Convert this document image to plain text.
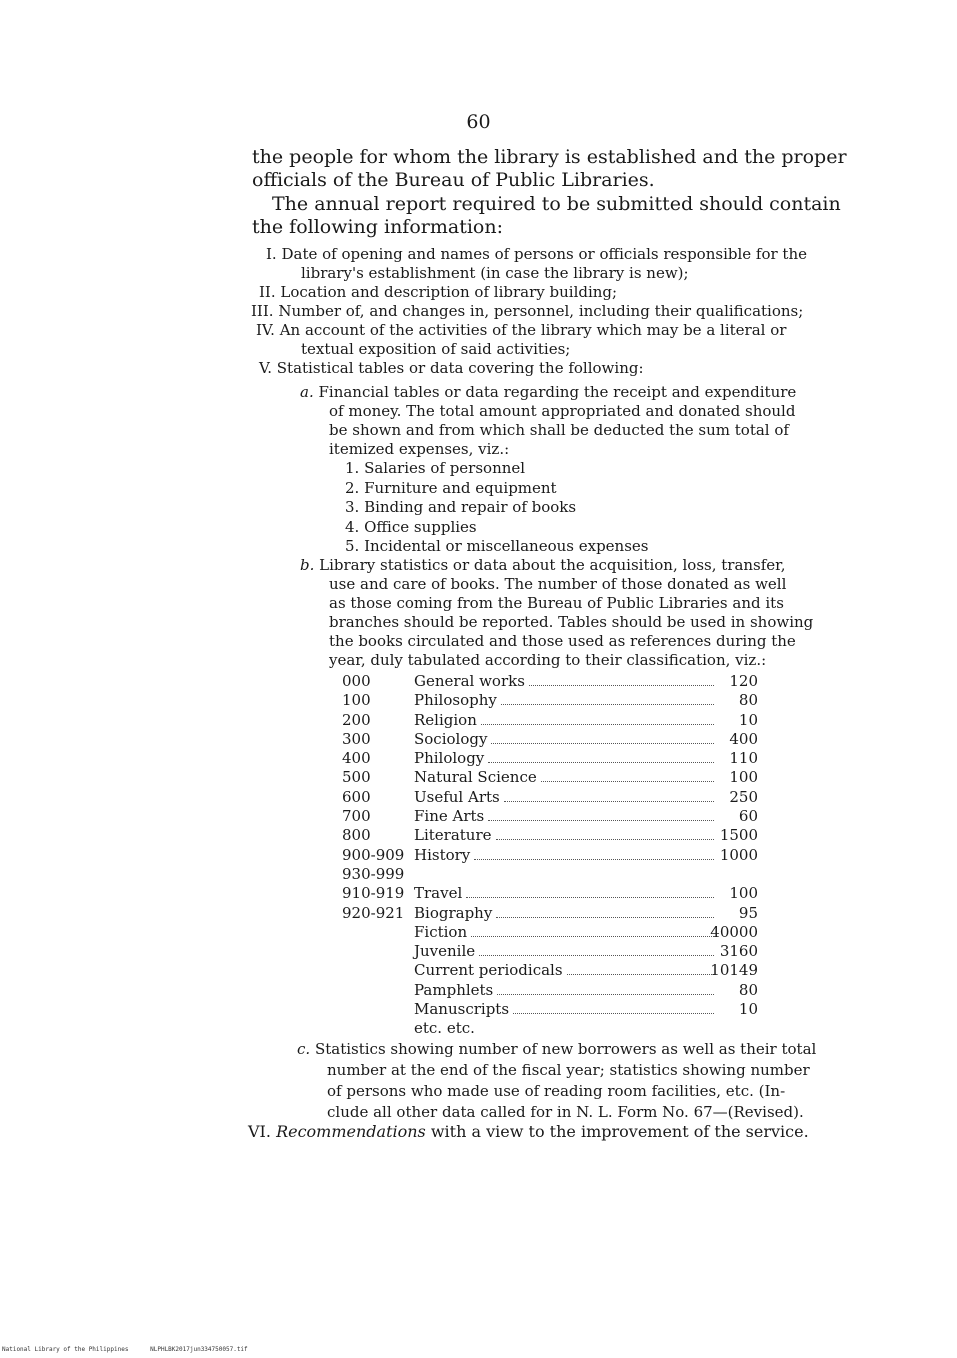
60
the people for whom the library is established and the proper
officials of the Bureau of Public Libraries.
The annual report required to be submitted should contain
the following information:
I. Date of opening and names of persons or officials responsible for the
library's establishment (in case the library is new);
II. Location and description of library building;
III. Number of, and changes in, personnel, including their qualifications;
IV. An account of the activities of the library which may be a literal or
textual exposition of said activities;
V. Statistical tables or data covering the following:
a. Financial tables or data regarding the receipt and expenditure
of money. The total amount appropriated and donated should
be shown and from which shall be deducted the sum total of
itemized expenses, viz.:
1. Salaries of personnel
2. Furniture and equipment
3. Binding and repair of books
4. Office supplies
5. Incidental or miscellaneous expenses
b. Library statistics or data about the acquisition, loss, transfer,
use and care of books. The number of those donated as well
as those coming from the Bureau of Public Libraries and its
branches should be reported. Tables should be used in showing
the books circulated and those used as references during the
year, duly tabulated according to their classification, viz.:
000	General works	120
100	Philosophy	80
200	Religion	10
300	Sociology	400
400	Philology	110
500	Natural Science	100
600	Useful Arts	250
700	Fine Arts	60
800	Literature	1500
900-909 History	1000
930-999
910-919 Travel	100
920-921 Biography	95
Fiction	40000
Juvenile	3160
Current periodicals	10149
Pamphlets	80
Manuscripts	10
etc. etc.
c. Statistics showing number of new borrowers as well as their total
number at the end of the fiscal year; statistics showing number
of persons who made use of reading room facilities, etc. (In-
clude all other data called for in N. L. Form No. 67—(Revised).
VI. Recommendations with a view to the improvement of the service.
National Library of the Philippines	NLPHLBK2017jun334750057.tif
